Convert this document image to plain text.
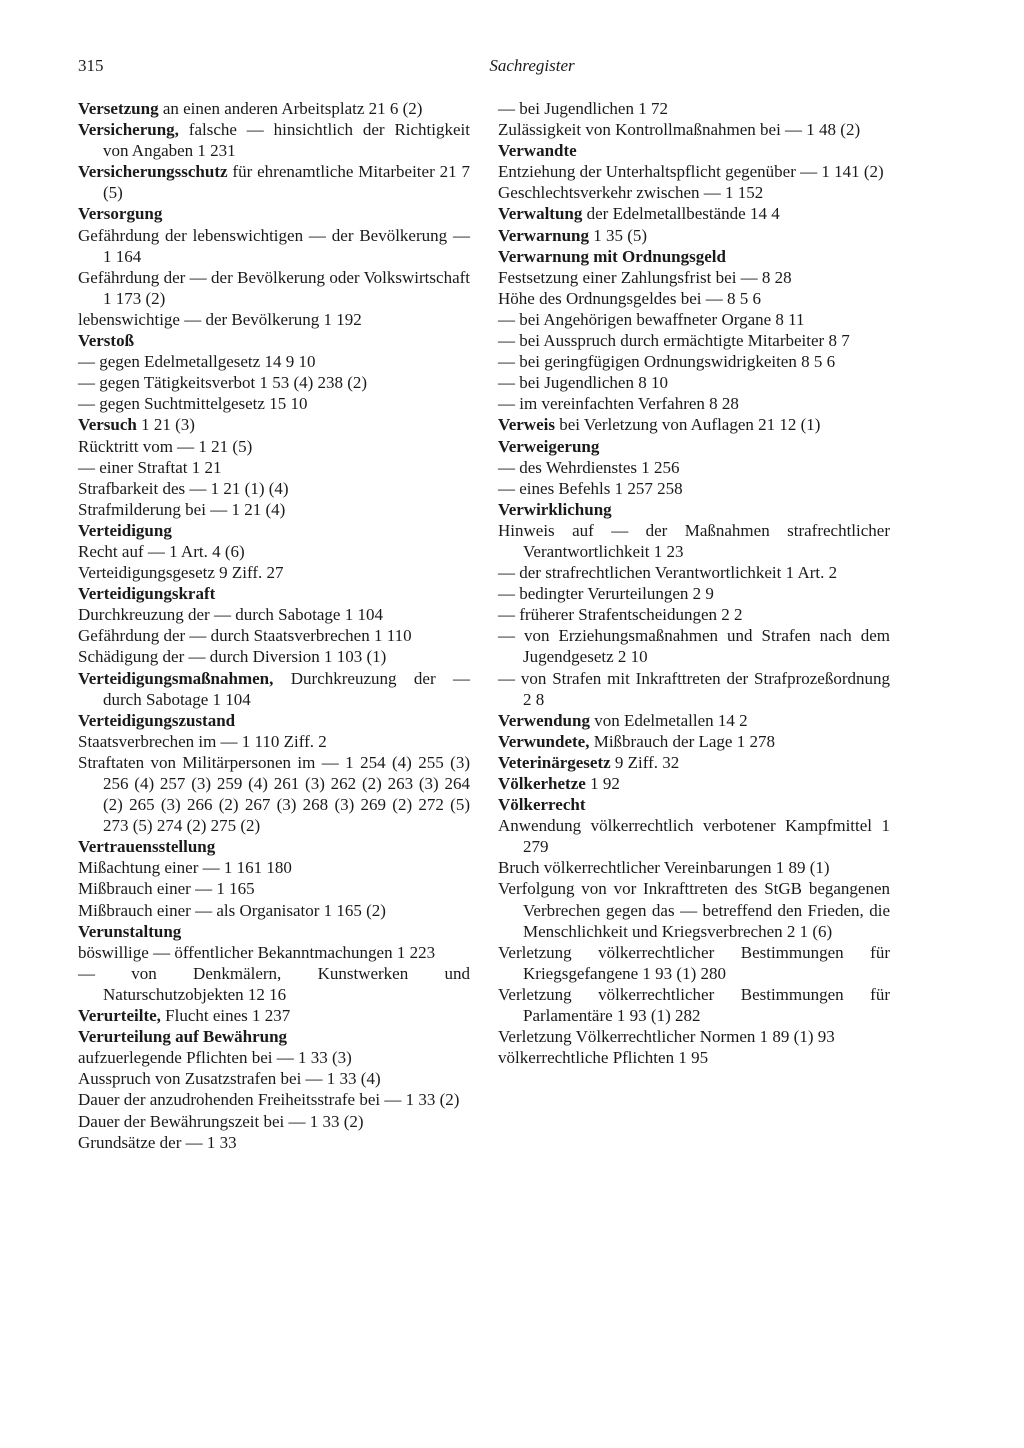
315	Sachregister

Versetzung an einen anderen Arbeitsplatz 21 6 (2)

Versicherung, falsche — hinsichtlich der Richtigkeit von Angaben 1 231

Versicherungsschutz für ehrenamtliche Mitarbeiter 21 7 (5)

Versorgung

Gefährdung der lebenswichtigen — der Bevölkerung — 1 164

Gefährdung der — der Bevölkerung oder Volkswirtschaft 1 173 (2)

lebenswichtige — der Bevölkerung 1 192

Verstoß

— gegen Edelmetallgesetz 14 9 10

— gegen Tätigkeitsverbot 1 53 (4) 238 (2)

— gegen Suchtmittelgesetz 15 10

Versuch 1 21 (3)

Rücktritt vom — 1 21 (5)

— einer Straftat 1 21

Strafbarkeit des — 1 21 (1) (4)

Strafmilderung bei — 1 21 (4)

Verteidigung

Recht auf — 1 Art. 4 (6)

Verteidigungsgesetz 9 Ziff. 27

Verteidigungskraft

Durchkreuzung der — durch Sabotage 1 104

Gefährdung der — durch Staatsverbrechen 1 110

Schädigung der — durch Diversion 1 103 (1)

Verteidigungsmaßnahmen, Durchkreuzung der — durch Sabotage 1 104

Verteidigungszustand

Staatsverbrechen im — 1 110 Ziff. 2

Straftaten von Militärpersonen im — 1 254 (4) 255 (3) 256 (4) 257 (3) 259 (4) 261 (3) 262 (2) 263 (3) 264 (2) 265 (3) 266 (2) 267 (3) 268 (3) 269 (2) 272 (5) 273 (5) 274 (2) 275 (2)

Vertrauensstellung

Mißachtung einer — 1 161 180

Mißbrauch einer — 1 165

Mißbrauch einer — als Organisator 1 165 (2)

Verunstaltung

böswillige — öffentlicher Bekanntmachungen 1 223

— von Denkmälern, Kunstwerken und Naturschutzobjekten 12 16

Verurteilte, Flucht eines 1 237

Verurteilung auf Bewährung

aufzuerlegende Pflichten bei — 1 33 (3)

Ausspruch von Zusatzstrafen bei — 1 33 (4)

Dauer der anzudrohenden Freiheitsstrafe bei — 1 33 (2)

Dauer der Bewährungszeit bei — 1 33 (2)

Grundsätze der — 1 33

— bei Jugendlichen 1 72

Zulässigkeit von Kontrollmaßnahmen bei — 1 48 (2)

Verwandte

Entziehung der Unterhaltspflicht gegenüber — 1 141 (2)

Geschlechtsverkehr zwischen — 1 152

Verwaltung der Edelmetallbestände 14 4

Verwarnung 1 35 (5)

Verwarnung mit Ordnungsgeld

Festsetzung einer Zahlungsfrist bei — 8 28

Höhe des Ordnungsgeldes bei — 8 5 6

— bei Angehörigen bewaffneter Organe 8 11

— bei Ausspruch durch ermächtigte Mitarbeiter 8 7

— bei geringfügigen Ordnungswidrigkeiten 8 5 6

— bei Jugendlichen 8 10

— im vereinfachten Verfahren 8 28

Verweis bei Verletzung von Auflagen 21 12 (1)

Verweigerung

— des Wehrdienstes 1 256

— eines Befehls 1 257 258

Verwirklichung

Hinweis auf — der Maßnahmen strafrechtlicher Verantwortlichkeit 1 23

— der strafrechtlichen Verantwortlichkeit 1 Art. 2

— bedingter Verurteilungen 2 9

— früherer Strafentscheidungen 2 2

— von Erziehungsmaßnahmen und Strafen nach dem Jugendgesetz 2 10

— von Strafen mit Inkrafttreten der Strafprozeßordnung 2 8

Verwendung von Edelmetallen 14 2

Verwundete, Mißbrauch der Lage 1 278

Veterinärgesetz 9 Ziff. 32

Völkerhetze 1 92

Völkerrecht

Anwendung völkerrechtlich verbotener Kampfmittel 1 279

Bruch völkerrechtlicher Vereinbarungen 1 89 (1)

Verfolgung von vor Inkrafttreten des StGB begangenen Verbrechen gegen das — betreffend den Frieden, die Menschlichkeit und Kriegsverbrechen 2 1 (6)

Verletzung völkerrechtlicher Bestimmungen für Kriegsgefangene 1 93 (1) 280

Verletzung völkerrechtlicher Bestimmungen für Parlamentäre 1 93 (1) 282

Verletzung Völkerrechtlicher Normen 1 89 (1) 93

völkerrechtliche Pflichten 1 95
